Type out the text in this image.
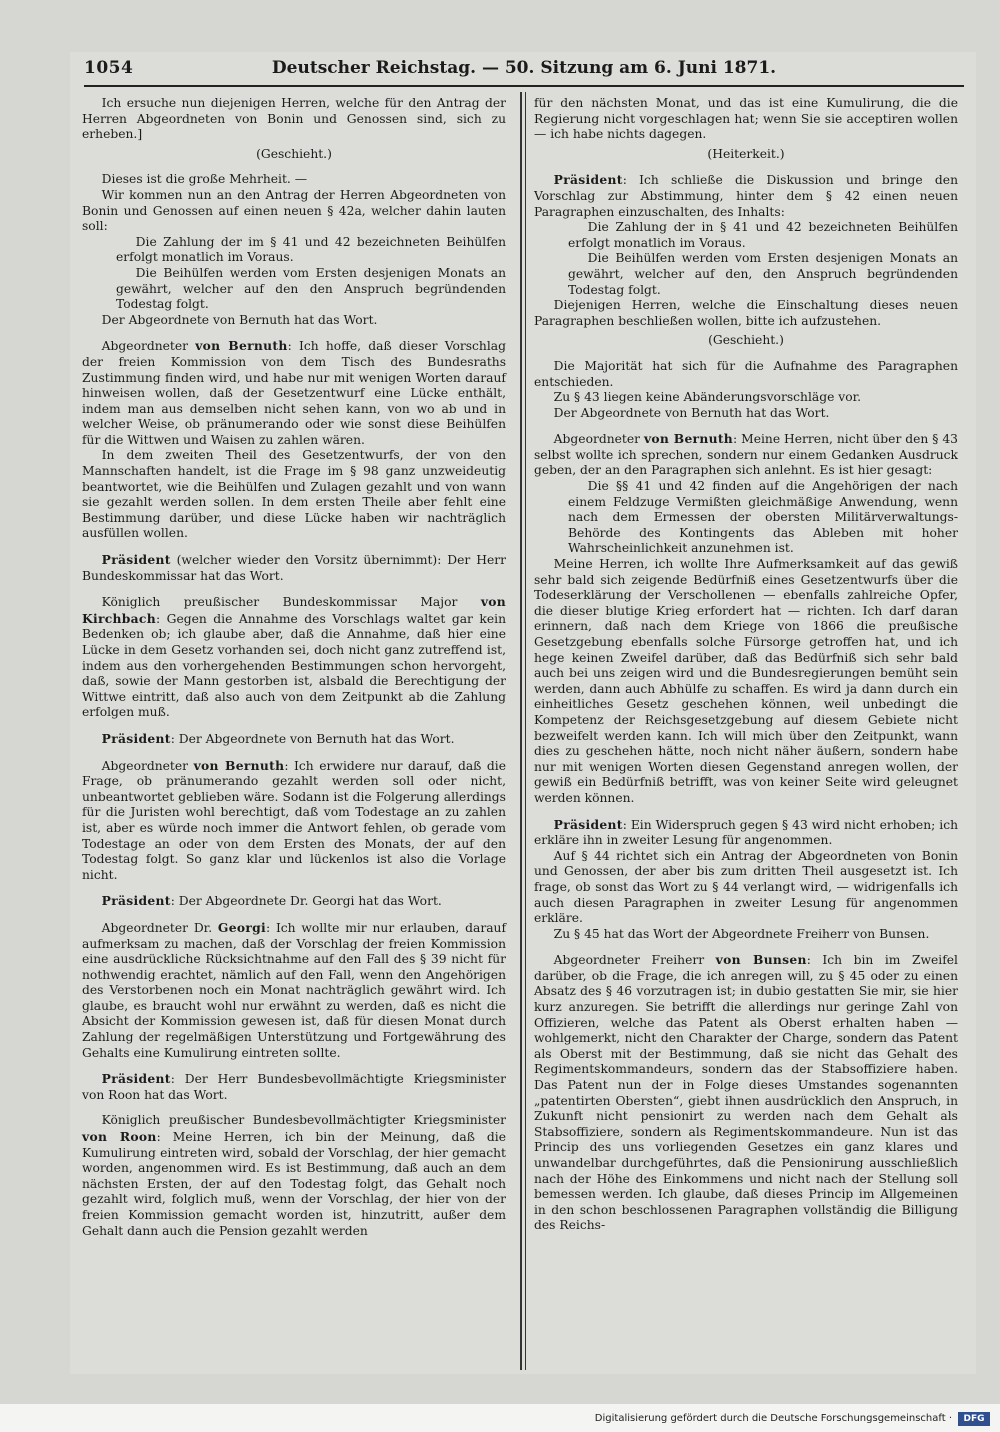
1054	Deutscher Reichstag. — 50. Sitzung am 6. Juni 1871.

Ich ersuche nun diejenigen Herren, welche für den Antrag der Herren Abgeordneten von Bonin und Genossen sind, sich zu erheben.]

(Geschieht.)

Dieses ist die große Mehrheit. —

Wir kommen nun an den Antrag der Herren Abgeordneten von Bonin und Genossen auf einen neuen § 42a, welcher dahin lauten soll:

Die Zahlung der im § 41 und 42 bezeichneten Beihülfen erfolgt monatlich im Voraus.

Die Beihülfen werden vom Ersten desjenigen Monats an gewährt, welcher auf den den Anspruch begründenden Todestag folgt.

Der Abgeordnete von Bernuth hat das Wort.

Abgeordneter von Bernuth: Ich hoffe, daß dieser Vorschlag der freien Kommission von dem Tisch des Bundesraths Zustimmung finden wird, und habe nur mit wenigen Worten darauf hinweisen wollen, daß der Gesetzentwurf eine Lücke enthält, indem man aus demselben nicht sehen kann, von wo ab und in welcher Weise, ob pränumerando oder wie sonst diese Beihülfen für die Wittwen und Waisen zu zahlen wären.

In dem zweiten Theil des Gesetzentwurfs, der von den Mannschaften handelt, ist die Frage im § 98 ganz unzweideutig beantwortet, wie die Beihülfen und Zulagen gezahlt und von wann sie gezahlt werden sollen. In dem ersten Theile aber fehlt eine Bestimmung darüber, und diese Lücke haben wir nachträglich ausfüllen wollen.

Präsident (welcher wieder den Vorsitz übernimmt): Der Herr Bundeskommissar hat das Wort.

Königlich preußischer Bundeskommissar Major von Kirchbach: Gegen die Annahme des Vorschlags waltet gar kein Bedenken ob; ich glaube aber, daß die Annahme, daß hier eine Lücke in dem Gesetz vorhanden sei, doch nicht ganz zutreffend ist, indem aus den vorhergehenden Bestimmungen schon hervorgeht, daß, sowie der Mann gestorben ist, alsbald die Berechtigung der Wittwe eintritt, daß also auch von dem Zeitpunkt ab die Zahlung erfolgen muß.

Präsident: Der Abgeordnete von Bernuth hat das Wort.

Abgeordneter von Bernuth: Ich erwidere nur darauf, daß die Frage, ob pränumerando gezahlt werden soll oder nicht, unbeantwortet geblieben wäre. Sodann ist die Folgerung allerdings für die Juristen wohl berechtigt, daß vom Todestage an zu zahlen ist, aber es würde noch immer die Antwort fehlen, ob gerade vom Todestage an oder von dem Ersten des Monats, der auf den Todestag folgt. So ganz klar und lückenlos ist also die Vorlage nicht.

Präsident: Der Abgeordnete Dr. Georgi hat das Wort.

Abgeordneter Dr. Georgi: Ich wollte mir nur erlauben, darauf aufmerksam zu machen, daß der Vorschlag der freien Kommission eine ausdrückliche Rücksichtnahme auf den Fall des § 39 nicht für nothwendig erachtet, nämlich auf den Fall, wenn den Angehörigen des Verstorbenen noch ein Monat nachträglich gewährt wird. Ich glaube, es braucht wohl nur erwähnt zu werden, daß es nicht die Absicht der Kommission gewesen ist, daß für diesen Monat durch Zahlung der regelmäßigen Unterstützung und Fortgewährung des Gehalts eine Kumulirung eintreten sollte.

Präsident: Der Herr Bundesbevollmächtigte Kriegsminister von Roon hat das Wort.

Königlich preußischer Bundesbevollmächtigter Kriegsminister von Roon: Meine Herren, ich bin der Meinung, daß die Kumulirung eintreten wird, sobald der Vorschlag, der hier gemacht worden, angenommen wird. Es ist Bestimmung, daß auch an dem nächsten Ersten, der auf den Todestag folgt, das Gehalt noch gezahlt wird, folglich muß, wenn der Vorschlag, der hier von der freien Kommission gemacht worden ist, hinzutritt, außer dem Gehalt dann auch die Pension gezahlt werden

für den nächsten Monat, und das ist eine Kumulirung, die die Regierung nicht vorgeschlagen hat; wenn Sie sie acceptiren wollen — ich habe nichts dagegen.

(Heiterkeit.)

Präsident: Ich schließe die Diskussion und bringe den Vorschlag zur Abstimmung, hinter dem § 42 einen neuen Paragraphen einzuschalten, des Inhalts:

Die Zahlung der in § 41 und 42 bezeichneten Beihülfen erfolgt monatlich im Voraus.

Die Beihülfen werden vom Ersten desjenigen Monats an gewährt, welcher auf den, den Anspruch begründenden Todestag folgt.

Diejenigen Herren, welche die Einschaltung dieses neuen Paragraphen beschließen wollen, bitte ich aufzustehen.

(Geschieht.)

Die Majorität hat sich für die Aufnahme des Paragraphen entschieden.

Zu § 43 liegen keine Abänderungsvorschläge vor.

Der Abgeordnete von Bernuth hat das Wort.

Abgeordneter von Bernuth: Meine Herren, nicht über den § 43 selbst wollte ich sprechen, sondern nur einem Gedanken Ausdruck geben, der an den Paragraphen sich anlehnt. Es ist hier gesagt:

Die §§ 41 und 42 finden auf die Angehörigen der nach einem Feldzuge Vermißten gleichmäßige Anwendung, wenn nach dem Ermessen der obersten Militärverwaltungs-Behörde des Kontingents das Ableben mit hoher Wahrscheinlichkeit anzunehmen ist.

Meine Herren, ich wollte Ihre Aufmerksamkeit auf das gewiß sehr bald sich zeigende Bedürfniß eines Gesetzentwurfs über die Todeserklärung der Verschollenen — ebenfalls zahlreiche Opfer, die dieser blutige Krieg erfordert hat — richten. Ich darf daran erinnern, daß nach dem Kriege von 1866 die preußische Gesetzgebung ebenfalls solche Fürsorge getroffen hat, und ich hege keinen Zweifel darüber, daß das Bedürfniß sich sehr bald auch bei uns zeigen wird und die Bundesregierungen bemüht sein werden, dann auch Abhülfe zu schaffen. Es wird ja dann durch ein einheitliches Gesetz geschehen können, weil unbedingt die Kompetenz der Reichsgesetzgebung auf diesem Gebiete nicht bezweifelt werden kann. Ich will mich über den Zeitpunkt, wann dies zu geschehen hätte, noch nicht näher äußern, sondern habe nur mit wenigen Worten diesen Gegenstand anregen wollen, der gewiß ein Bedürfniß betrifft, was von keiner Seite wird geleugnet werden können.

Präsident: Ein Widerspruch gegen § 43 wird nicht erhoben; ich erkläre ihn in zweiter Lesung für angenommen.

Auf § 44 richtet sich ein Antrag der Abgeordneten von Bonin und Genossen, der aber bis zum dritten Theil ausgesetzt ist. Ich frage, ob sonst das Wort zu § 44 verlangt wird, — widrigenfalls ich auch diesen Paragraphen in zweiter Lesung für angenommen erkläre.

Zu § 45 hat das Wort der Abgeordnete Freiherr von Bunsen.

Abgeordneter Freiherr von Bunsen: Ich bin im Zweifel darüber, ob die Frage, die ich anregen will, zu § 45 oder zu einen Absatz des § 46 vorzutragen ist; in dubio gestatten Sie mir, sie hier kurz anzuregen. Sie betrifft die allerdings nur geringe Zahl von Offizieren, welche das Patent als Oberst erhalten haben — wohlgemerkt, nicht den Charakter der Charge, sondern das Patent als Oberst mit der Bestimmung, daß sie nicht das Gehalt des Regimentskommandeurs, sondern das der Stabsoffiziere haben. Das Patent nun der in Folge dieses Umstandes sogenannten „patentirten Obersten“, giebt ihnen ausdrücklich den Anspruch, in Zukunft nicht pensionirt zu werden nach dem Gehalt als Stabsoffiziere, sondern als Regimentskommandeure. Nun ist das Princip des uns vorliegenden Gesetzes ein ganz klares und unwandelbar durchgeführtes, daß die Pensionirung ausschließlich nach der Höhe des Einkommens und nicht nach der Stellung soll bemessen werden. Ich glaube, daß dieses Princip im Allgemeinen in den schon beschlossenen Paragraphen vollständig die Billigung des Reichs-

Digitalisierung gefördert durch die Deutsche Forschungsgemeinschaft ·	DFG
